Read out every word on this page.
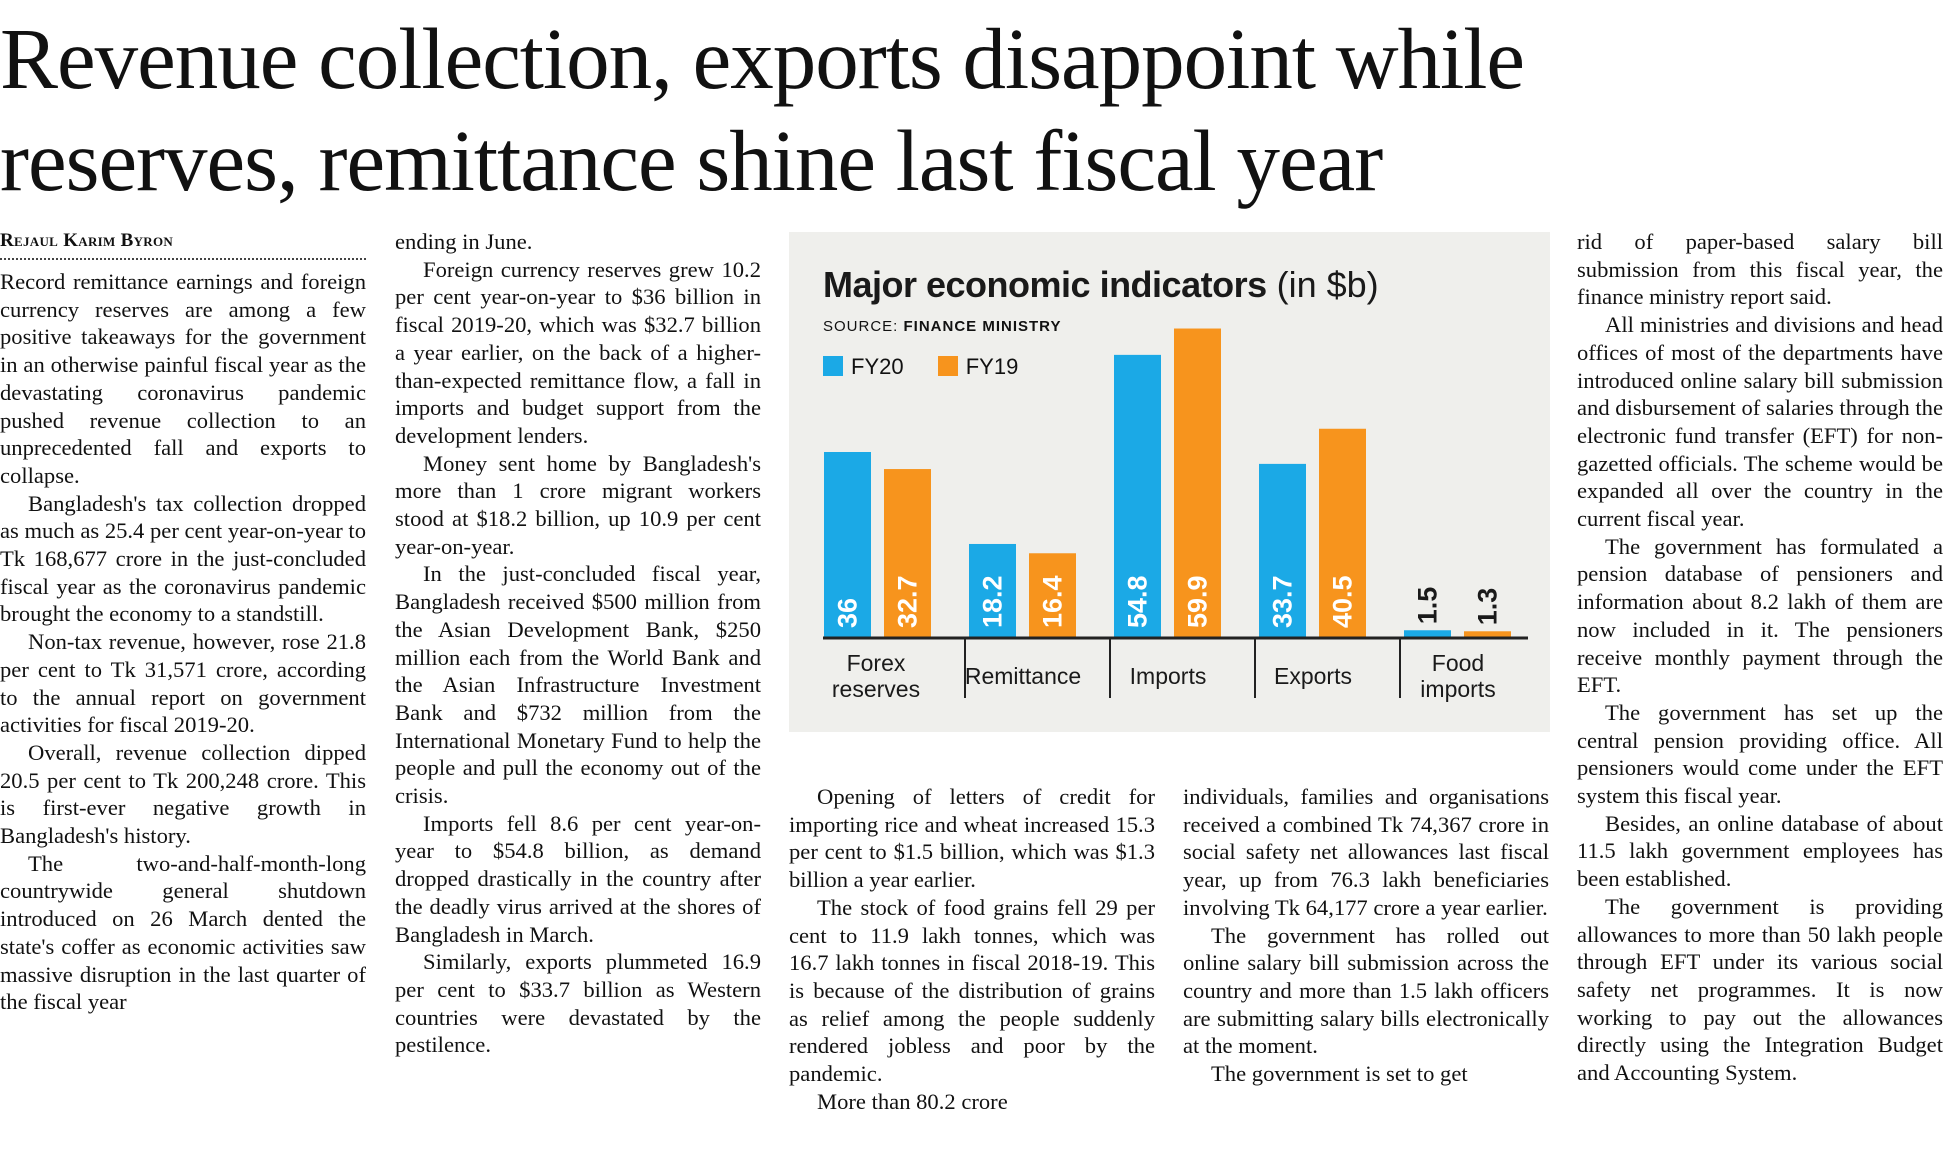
Revenue collection, exports disappoint while
reserves, remittance shine last fiscal year
Rejaul Karim Byron

Record remittance earnings and foreign currency reserves are among a few positive takeaways for the government in an otherwise painful fiscal year as the devastating coronavirus pandemic pushed revenue collection to an unprecedented fall and exports to collapse.

Bangladesh's tax collection dropped as much as 25.4 per cent year-on-year to Tk 168,677 crore in the just-concluded fiscal year as the coronavirus pandemic brought the economy to a standstill.

Non-tax revenue, however, rose 21.8 per cent to Tk 31,571 crore, according to the annual report on government activities for fiscal 2019-20.

Overall, revenue collection dipped 20.5 per cent to Tk 200,248 crore. This is first-ever negative growth in Bangladesh's history.

The two-and-half-month-long countrywide general shutdown introduced on 26 March dented the state's coffer as economic activities saw massive disruption in the last quarter of the fiscal year

ending in June.

Foreign currency reserves grew 10.2 per cent year-on-year to $36 billion in fiscal 2019-20, which was $32.7 billion a year earlier, on the back of a higher-than-expected remittance flow, a fall in imports and budget support from the development lenders.

Money sent home by Bangladesh's more than 1 crore migrant workers stood at $18.2 billion, up 10.9 per cent year-on-year.

In the just-concluded fiscal year, Bangladesh received $500 million from the Asian Development Bank, $250 million each from the World Bank and the Asian Infrastructure Investment Bank and $732 million from the International Monetary Fund to help the people and pull the economy out of the crisis.

Imports fell 8.6 per cent year-on-year to $54.8 billion, as demand dropped drastically in the country after the deadly virus arrived at the shores of Bangladesh in March.

Similarly, exports plummeted 16.9 per cent to $33.7 billion as Western countries were devastated by the pestilence.

Major economic indicators (in $b)
SOURCE: FINANCE MINISTRY
FY20	FY19
36 32.7
Forex
reserves
18.2 16.4
Remittance
54.8 59.9
Imports
33.7 40.5
Exports
1.5 1.3
Food
imports

Opening of letters of credit for importing rice and wheat increased 15.3 per cent to $1.5 billion, which was $1.3 billion a year earlier.

The stock of food grains fell 29 per cent to 11.9 lakh tonnes, which was 16.7 lakh tonnes in fiscal 2018-19. This is because of the distribution of grains as relief among the people suddenly rendered jobless and poor by the pandemic.

More than 80.2 crore

individuals, families and organisations received a combined Tk 74,367 crore in social safety net allowances last fiscal year, up from 76.3 lakh beneficiaries involving Tk 64,177 crore a year earlier.

The government has rolled out online salary bill submission across the country and more than 1.5 lakh officers are submitting salary bills electronically at the moment.

The government is set to get

rid of paper-based salary bill submission from this fiscal year, the finance ministry report said.

All ministries and divisions and head offices of most of the departments have introduced online salary bill submission and disbursement of salaries through the electronic fund transfer (EFT) for non-gazetted officials. The scheme would be expanded all over the country in the current fiscal year.

The government has formulated a pension database of pensioners and information about 8.2 lakh of them are now included in it. The pensioners receive monthly payment through the EFT.

The government has set up the central pension providing office. All pensioners would come under the EFT system this fiscal year.

Besides, an online database of about 11.5 lakh government employees has been established.

The government is providing allowances to more than 50 lakh people through EFT under its various social safety net programmes. It is now working to pay out the allowances directly using the Integration Budget and Accounting System.
